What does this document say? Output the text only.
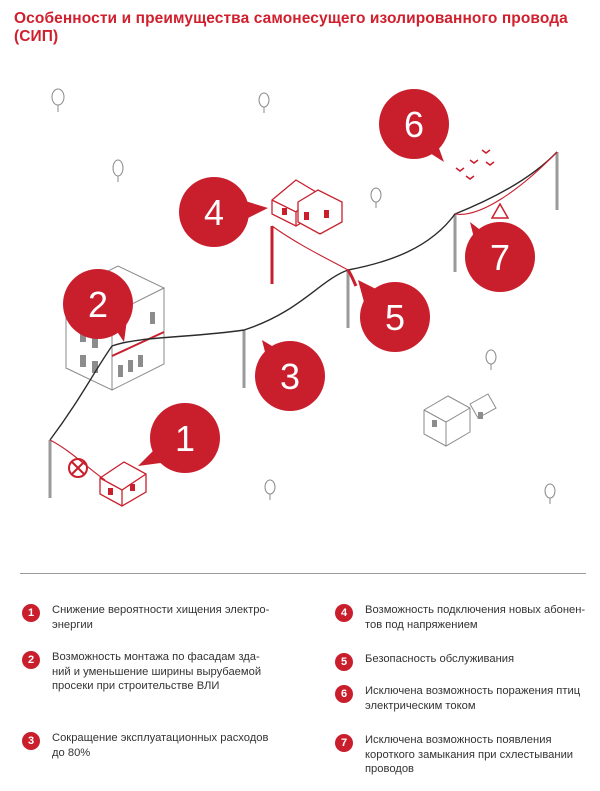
Особенности и преимущества самонесущего изолированного провода (СИП)
1
2
3
4
5
6
7
1	Снижение вероятности хищения электро-
энергии
2	Возможность монтажа по фасадам зда-
ний и уменьшение ширины вырубаемой
просеки при строительстве ВЛИ
3	Сокращение эксплуатационных расходов
до 80%
4	Возможность подключения новых абонен-
тов под напряжением
5	Безопасность обслуживания
6	Исключена возможность поражения птиц
электрическим током
7	Исключена возможность появления
короткого замыкания при схлестывании
проводов
